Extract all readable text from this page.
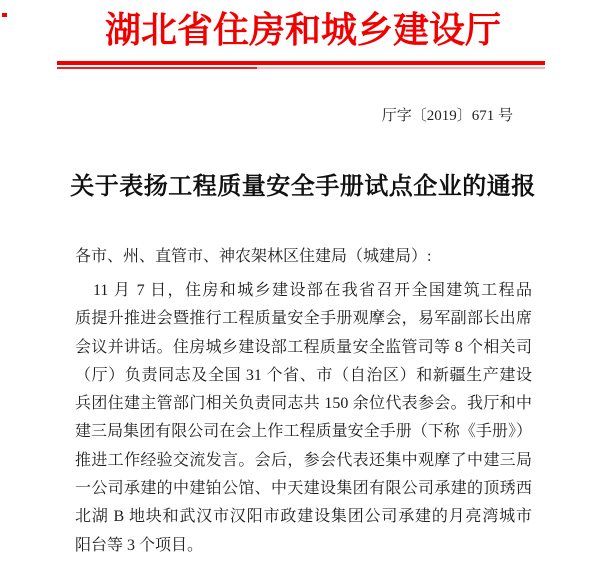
湖北省住房和城乡建设厅
厅字〔2019〕671 号
关于表扬工程质量安全手册试点企业的通报
各市、州、直管市、神农架林区住建局（城建局）:
11 月 7 日，住房和城乡建设部在我省召开全国建筑工程品
质提升推进会暨推行工程质量安全手册观摩会，易军副部长出席
会议并讲话。住房城乡建设部工程质量安全监管司等 8 个相关司
（厅）负责同志及全国 31 个省、市（自治区）和新疆生产建设
兵团住建主管部门相关负责同志共 150 余位代表参会。我厅和中
建三局集团有限公司在会上作工程质量安全手册（下称《手册》）
推进工作经验交流发言。会后，参会代表还集中观摩了中建三局
一公司承建的中建铂公馆、中天建设集团有限公司承建的顶琇西
北湖 B 地块和武汉市汉阳市政建设集团公司承建的月亮湾城市
阳台等 3 个项目。
